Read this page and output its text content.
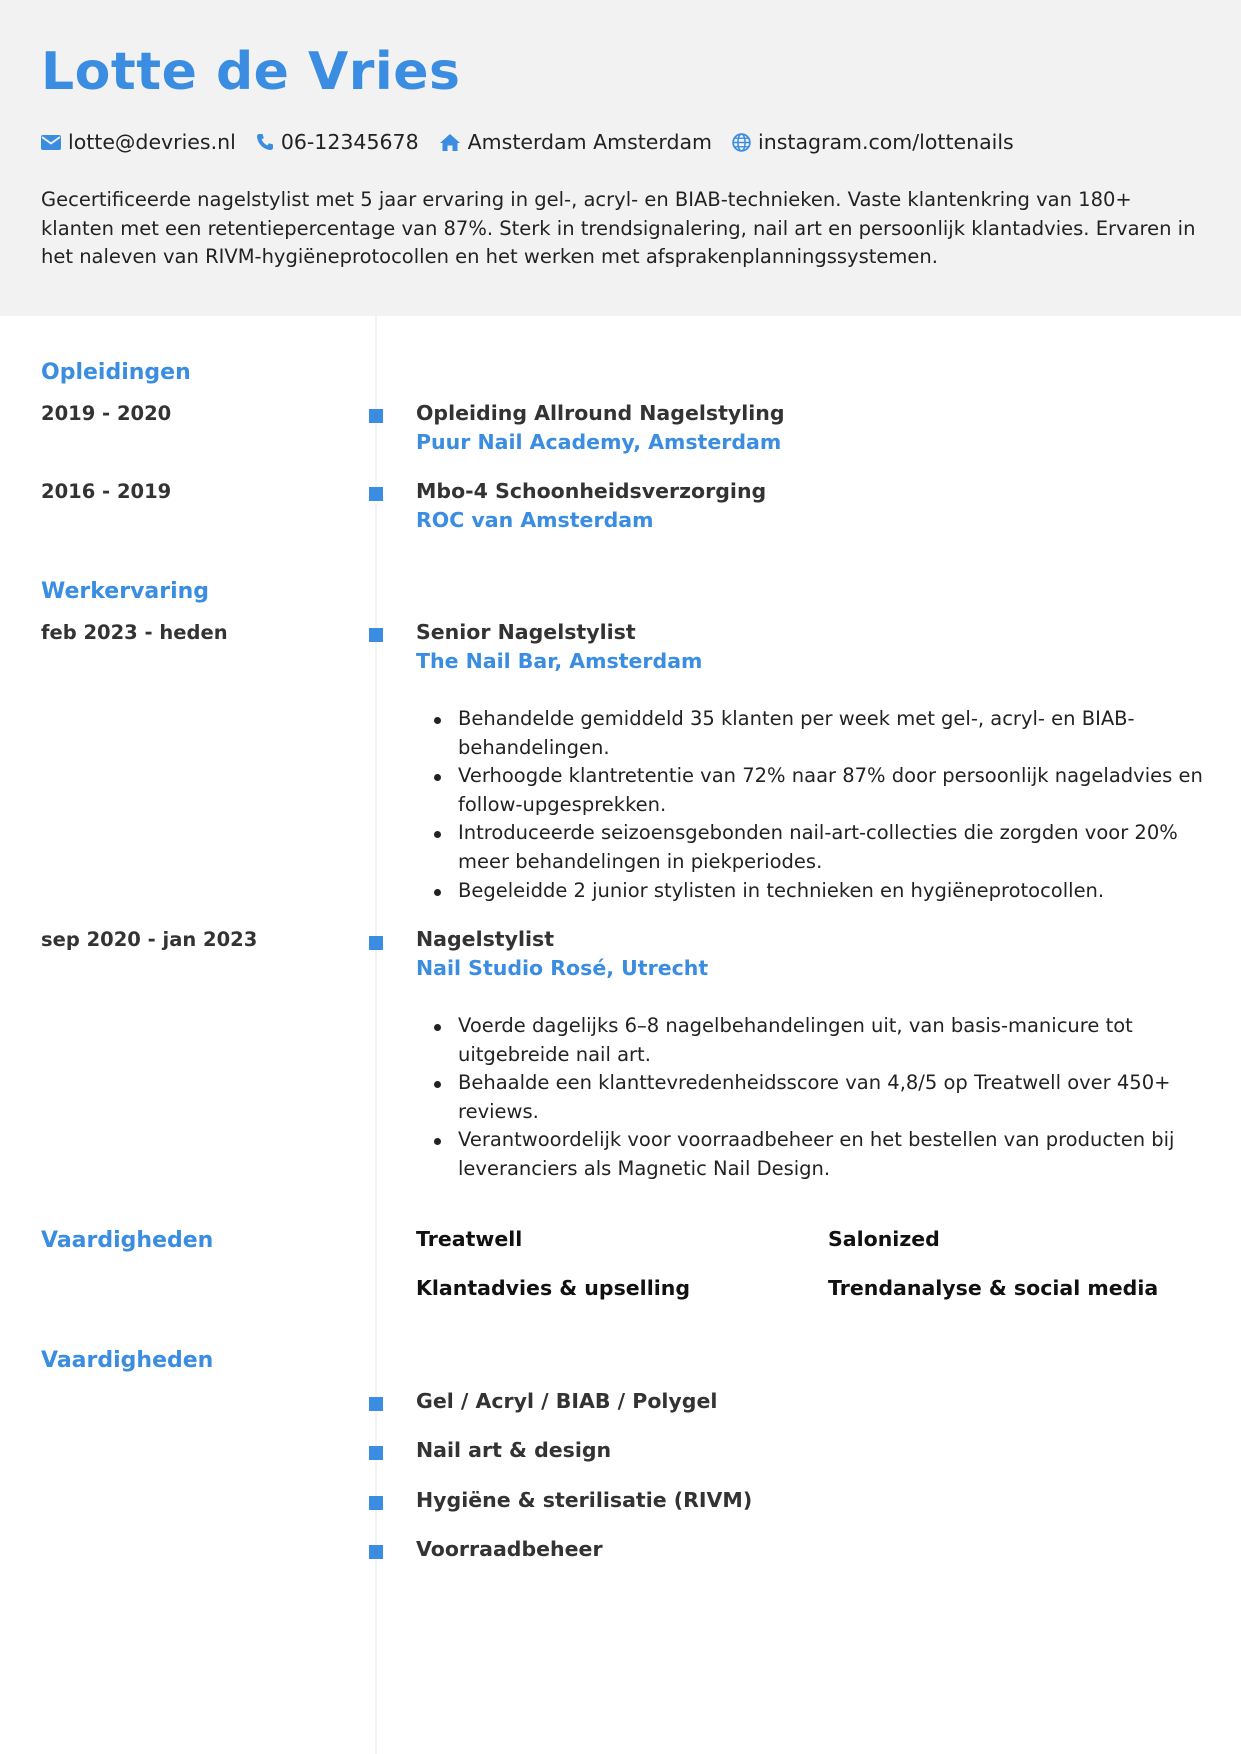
Lotte de Vries
lotte@devries.nl 06-12345678 Amsterdam Amsterdam instagram.com/lottenails

Gecertificeerde nagelstylist met 5 jaar ervaring in gel-, acryl- en BIAB-technieken. Vaste klantenkring van 180+ klanten met een retentiepercentage van 87%. Sterk in trendsignalering, nail art en persoonlijk klantadvies. Ervaren in het naleven van RIVM-hygiëneprotocollen en het werken met afsprakenplanningssystemen.

Opleidingen
2019 - 2020	Opleiding Allround Nagelstyling
Puur Nail Academy, Amsterdam
2016 - 2019	Mbo-4 Schoonheidsverzorging
ROC van Amsterdam
Werkervaring
feb 2023 - heden	Senior Nagelstylist
The Nail Bar, Amsterdam
Behandelde gemiddeld 35 klanten per week met gel-, acryl- en BIAB-behandelingen.
Verhoogde klantretentie van 72% naar 87% door persoonlijk nageladvies en follow-upgesprekken.
Introduceerde seizoensgebonden nail-art-collecties die zorgden voor 20% meer behandelingen in piekperiodes.
Begeleidde 2 junior stylisten in technieken en hygiëneprotocollen.
sep 2020 - jan 2023	Nagelstylist
Nail Studio Rosé, Utrecht
Voerde dagelijks 6–8 nagelbehandelingen uit, van basis-manicure tot uitgebreide nail art.
Behaalde een klanttevredenheidsscore van 4,8/5 op Treatwell over 450+ reviews.
Verantwoordelijk voor voorraadbeheer en het bestellen van producten bij leveranciers als Magnetic Nail Design.
Vaardigheden	Treatwell	Salonized
Klantadvies & upselling	Trendanalyse & social media
Vaardigheden
Gel / Acryl / BIAB / Polygel
Nail art & design
Hygiëne & sterilisatie (RIVM)
Voorraadbeheer
